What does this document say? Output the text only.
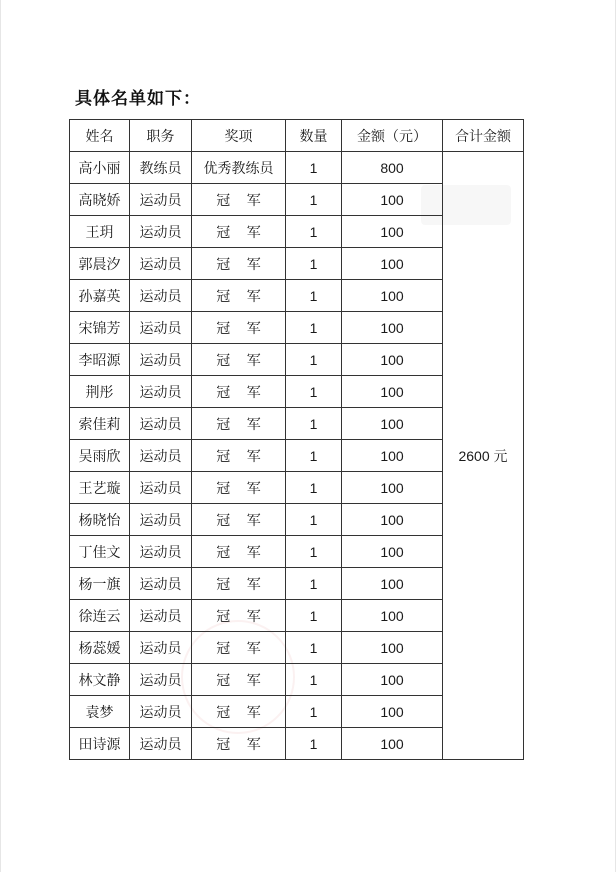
具体名单如下：
姓名	职务	奖项	数量	金额（元）	合计金额
高小丽	教练员	优秀教练员	1	800	2600 元
高晓娇	运动员	冠 军	1	100	
王玥	运动员	冠 军	1	100	
郭晨汐	运动员	冠 军	1	100	
孙嘉英	运动员	冠 军	1	100	
宋锦芳	运动员	冠 军	1	100	
李昭源	运动员	冠 军	1	100	
荆彤	运动员	冠 军	1	100	
索佳莉	运动员	冠 军	1	100	
吴雨欣	运动员	冠 军	1	100	
王艺璇	运动员	冠 军	1	100	
杨晓怡	运动员	冠 军	1	100	
丁佳文	运动员	冠 军	1	100	
杨一旗	运动员	冠 军	1	100	
徐连云	运动员	冠 军	1	100	
杨蕊媛	运动员	冠 军	1	100	
林文静	运动员	冠 军	1	100	
袁梦	运动员	冠 军	1	100	
田诗源	运动员	冠 军	1	100	
